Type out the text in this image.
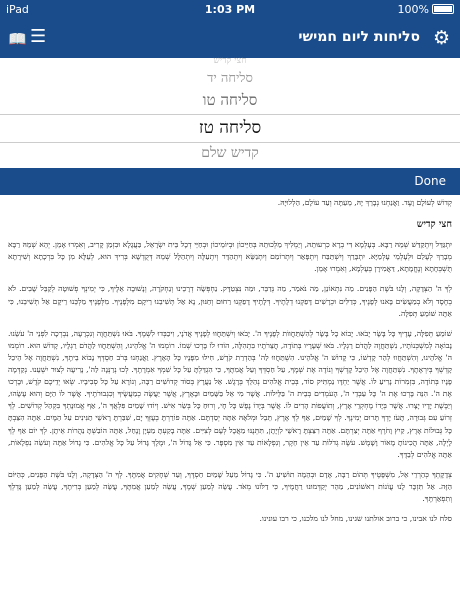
iPad	1:03 PM	100%
📖 ☰	סליחות ליום חמישי ⚙
חצי קדיש
סליחה יד
סליחה טו
סליחה טז
קדיש שלם
Done

קְדוֹשׁ לְעוֹלָם וָעֶד. וַאֲנַחְנוּ נְבָרֵךְ יָהּ, מֵעַתָּה וְעַד עוֹלָם, הַלְלוּיָהּ.

חצי קדיש

יִתְגַּדַּל וְיִתְקַדַּשׁ שְׁמֵהּ רַבָּא. בְּעָלְמָא דִּי בְרָא כִרְעוּתֵהּ, וְיַמְלִיךְ מַלְכוּתֵהּ בְּחַיֵּיכוֹן וּבְיוֹמֵיכוֹן וּבְחַיֵּי דְכָל בֵּית יִשְׂרָאֵל, בַּעֲגָלָא וּבִזְמַן קָרִיב, וְאִמְרוּ אָמֵן. יְהֵא שְׁמֵהּ רַבָּא מְבָרַךְ לְעָלַם וּלְעָלְמֵי עָלְמַיָּא. יִתְבָּרַךְ וְיִשְׁתַּבַּח וְיִתְפָּאַר וְיִתְרוֹמַם וְיִתְנַשֵּׂא וְיִתְהַדָּר וְיִתְעַלֶּה וְיִתְהַלָּל שְׁמֵהּ דְּקֻדְשָׁא בְּרִיךְ הוּא, לְעֵלָּא מִן כָּל בִּרְכָתָא וְשִׁירָתָא תֻּשְׁבְּחָתָא וְנֶחֱמָתָא, דַּאֲמִירָן בְּעָלְמָא, וְאִמְרוּ אָמֵן.

לְךָ ה' הַצְּדָקָה, וְלָנוּ בֹּשֶׁת הַפָּנִים. מַה נִּתְאוֹנֵן, מַה נֹּאמַר, מַה נְּדַבֵּר, וּמַה נִּצְטַדָּק. נַחְפְּשָׂה דְרָכֵינוּ וְנַחְקֹרָה, וְנָשׁוּבָה אֵלֶיךָ, כִּי יְמִינְךָ פְשׁוּטָה לְקַבֵּל שָׁבִים. לֹא בְחֶסֶד וְלֹא בְמַעֲשִׂים בָּאנוּ לְפָנֶיךָ, כְּדַלִּים וּכְרָשִׁים דָּפַקְנוּ דְלָתֶיךָ. דְּלָתֶיךָ דָפַקְנוּ רַחוּם וְחַנּוּן, נָא אַל תְּשִׁיבֵנוּ רֵיקָם מִלְּפָנֶיךָ. מִלְּפָנֶיךָ מַלְכֵּנוּ רֵיקָם אַל תְּשִׁיבֵנוּ, כִּי אַתָּה שׁוֹמֵעַ תְּפִלָּה.

שׁוֹמֵעַ תְּפִלָּה, עָדֶיךָ כָּל בָּשָׂר יָבֹאוּ. יָבוֹא כָל בָּשָׂר לְהִשְׁתַּחֲווֹת לְפָנֶיךָ ה'. יָבֹאוּ וְיִשְׁתַּחֲווּ לְפָנֶיךָ אֲדֹנָי, וִיכַבְּדוּ לִשְׁמֶךָ. בֹּאוּ נִשְׁתַּחֲוֶה וְנִכְרָעָה, נִבְרְכָה לִפְנֵי ה' עֹשֵׂנוּ. נָבוֹאָה לְמִשְׁכְּנוֹתָיו, נִשְׁתַּחֲוֶה לַהֲדֹם רַגְלָיו. בֹּאוּ שְׁעָרָיו בְּתוֹדָה, חֲצֵרֹתָיו בִּתְהִלָּה, הוֹדוּ לוֹ בָּרְכוּ שְׁמוֹ. רוֹמְמוּ ה' אֱלֹהֵינוּ, וְהִשְׁתַּחֲווּ לַהֲדֹם רַגְלָיו, קָדוֹשׁ הוּא. רוֹמְמוּ ה' אֱלֹהֵינוּ, וְהִשְׁתַּחֲווּ לְהַר קָדְשׁוֹ, כִּי קָדוֹשׁ ה' אֱלֹהֵינוּ. הִשְׁתַּחֲווּ לַה' בְּהַדְרַת קֹדֶשׁ, חִילוּ מִפָּנָיו כָּל הָאָרֶץ. וַאֲנַחְנוּ בְּרֹב חַסְדְּךָ נָבוֹא בֵיתֶךָ, נִשְׁתַּחֲוֶה אֶל הֵיכַל קָדְשְׁךָ בְּיִרְאָתֶךָ. נִשְׁתַּחֲוֶה אֶל הֵיכַל קָדְשְׁךָ וְנוֹדֶה אֶת שְׁמֶךָ, עַל חַסְדְּךָ וְעַל אֲמִתֶּךָ, כִּי הִגְדַּלְתָּ עַל כָּל שִׁמְךָ אִמְרָתֶךָ. לְכוּ נְרַנְּנָה לַה', נָרִיעָה לְצוּר יִשְׁעֵנוּ. נְקַדְּמָה פָנָיו בְּתוֹדָה, בִּזְמִרוֹת נָרִיעַ לוֹ. אֲשֶׁר יַחְדָּו נַמְתִּיק סוֹד, בְּבֵית אֱלֹהִים נְהַלֵּךְ בְּרָגֶשׁ. אֵל נַעֲרָץ בְּסוֹד קְדוֹשִׁים רַבָּה, וְנוֹרָא עַל כָּל סְבִיבָיו. שְׂאוּ יְדֵיכֶם קֹדֶשׁ, וּבָרְכוּ אֶת ה'. הִנֵּה בָּרְכוּ אֶת ה' כָּל עַבְדֵי ה', הָעֹמְדִים בְּבֵית ה' בַּלֵּילוֹת. אֲשֶׁר מִי אֵל בַּשָּׁמַיִם וּבָאָרֶץ, אֲשֶׁר יַעֲשֶׂה כְמַעֲשֶׂיךָ וְכִגְבוּרֹתֶיךָ. אֲשֶׁר לוֹ הַיָּם וְהוּא עָשָׂהוּ, וְיַבֶּשֶׁת יָדָיו יָצָרוּ. אֲשֶׁר בְּיָדוֹ מֶחְקְרֵי אָרֶץ, וְתוֹעֲפוֹת הָרִים לוֹ. אֲשֶׁר בְּיָדוֹ נֶפֶשׁ כָּל חָי, וְרוּחַ כָּל בְּשַׂר אִישׁ. וְיוֹדוּ שָׁמַיִם פִּלְאֲךָ ה', אַף אֱמוּנָתְךָ בִּקְהַל קְדוֹשִׁים. לְךָ זְרוֹעַ עִם גְּבוּרָה, תָּעֹז יָדְךָ תָּרוּם יְמִינֶךָ. לְךָ שָׁמַיִם, אַף לְךָ אָרֶץ, תֵּבֵל וּמְלֹאָהּ אַתָּה יְסַדְתָּם. אַתָּה פוֹרַרְתָּ בְעָזְּךָ יָם, שִׁבַּרְתָּ רָאשֵׁי תַנִּינִים עַל הַמָּיִם. אַתָּה הִצַּבְתָּ כָּל גְּבוּלוֹת אָרֶץ, קַיִץ וָחֹרֶף אַתָּה יְצַרְתָּם. אַתָּה רִצַּצְתָּ רָאשֵׁי לִוְיָתָן, תִּתְּנֶנּוּ מַאֲכָל לְעָם לְצִיִּים. אַתָּה בָקַעְתָּ מַעְיָן וָנָחַל, אַתָּה הוֹבַשְׁתָּ נַהֲרוֹת אֵיתָן. לְךָ יוֹם אַף לְךָ לָיְלָה, אַתָּה הֲכִינוֹתָ מָאוֹר וָשָׁמֶשׁ. עֹשֶׂה גְדֹלוֹת עַד אֵין חֵקֶר, וְנִפְלָאוֹת עַד אֵין מִסְפָּר. כִּי אֵל גָּדוֹל ה', וּמֶלֶךְ גָּדוֹל עַל כָּל אֱלֹהִים. כִּי גָדוֹל אַתָּה וְעֹשֵׂה נִפְלָאוֹת, אַתָּה אֱלֹהִים לְבַדֶּךָ.

צְדָקָתְךָ כְּהַרְרֵי אֵל, מִשְׁפָּטֶיךָ תְּהוֹם רַבָּה, אָדָם וּבְהֵמָה תוֹשִׁיעַ ה'. כִּי גָדוֹל מֵעַל שָׁמַיִם חַסְדֶּךָ, וְעַד שְׁחָקִים אֲמִתֶּךָ. לְךָ ה' הַצְּדָקָה, וְלָנוּ בֹּשֶׁת הַפָּנִים, כְּהַיּוֹם הַזֶּה. אַל תִּזְכָּר לָנוּ עֲוֹנוֹת רִאשׁוֹנִים, מַהֵר יְקַדְּמוּנוּ רַחֲמֶיךָ, כִּי דַלּוֹנוּ מְאֹד. עֲשֵׂה לְמַעַן שְׁמֶךָ, עֲשֵׂה לְמַעַן אֲמִתֶּךָ, עֲשֵׂה לְמַעַן בְּרִיתֶךָ, עֲשֵׂה לְמַעַן גָּדְלְךָ וְתִפְאַרְתֶּךָ.

סלח לנו אבינו, כי ברוב אולתנו שגינו, מחל לנו מלכנו, כי רבו עונינו.
